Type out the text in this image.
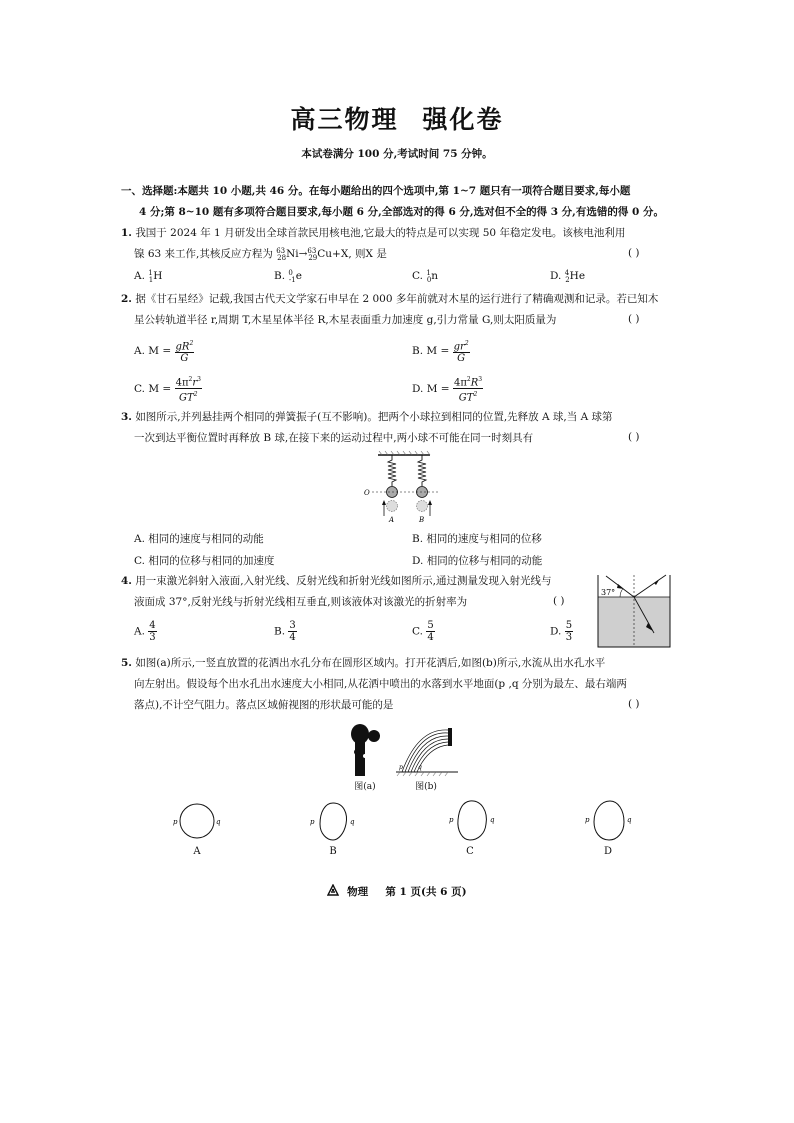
高三物理 强化卷
本试卷满分 100 分,考试时间 75 分钟。
一、选择题:本题共 10 小题,共 46 分。在每小题给出的四个选项中,第 1~7 题只有一项符合题目要求,每小题
4 分;第 8~10 题有多项符合题目要求,每小题 6 分,全部选对的得 6 分,选对但不全的得 3 分,有选错的得 0 分。
1. 我国于 2024 年 1 月研发出全球首款民用核电池,它最大的特点是可以实现 50 年稳定发电。该核电池利用
镍 63 来工作,其核反应方程为 $^{63}_{28}$Ni→$^{63}_{29}$Cu+X, 则X 是	( )
A. $^1_1$H	B. $^0_{-1}$e	C. $^1_0$n	D. $^4_2$He
2. 据《甘石星经》记载,我国古代天文学家石申早在 2 000 多年前就对木星的运行进行了精确观测和记录。若已知木
星公转轨道半径 r,周期 T,木星星体半径 R,木星表面重力加速度 g,引力常量 G,则太阳质量为	( )
A. $M = \frac{gR^2}{G}$	B. $M = \frac{gr^2}{G}$
C. $M = \frac{4\pi^2r^3}{GT^2}$	D. $M = \frac{4\pi^2R^3}{GT^2}$
3. 如图所示,并列悬挂两个相同的弹簧振子(互不影响)。把两个小球拉到相同的位置,先释放 A 球,当 A 球第
一次到达平衡位置时再释放 B 球,在接下来的运动过程中,两小球不可能在同一时刻具有	( )
O
A	B
A. 相同的速度与相同的动能	B. 相同的速度与相同的位移
C. 相同的位移与相同的加速度	D. 相同的位移与相同的动能
4. 用一束激光斜射入液面,入射光线、反射光线和折射光线如图所示,通过测量发现入射光线与
液面成 37°,反射光线与折射光线相互垂直,则该液体对该激光的折射率为	( )
37°
A. $\frac{4}{3}$	B. $\frac{3}{4}$	C. $\frac{5}{4}$	D. $\frac{5}{3}$
5. 如图(a)所示,一竖直放置的花洒出水孔分布在圆形区域内。打开花洒后,如图(b)所示,水流从出水孔水平
向左射出。假设每个出水孔出水速度大小相同,从花洒中喷出的水落到水平地面(p ,q 分别为最左、最右端两
落点),不计空气阻力。落点区域俯视图的形状最可能的是	( )
图(a)
p	q
图(b)
p	q
A
p	q
B
p	q
C
p	q
D
物理 第 1 页(共 6 页)
